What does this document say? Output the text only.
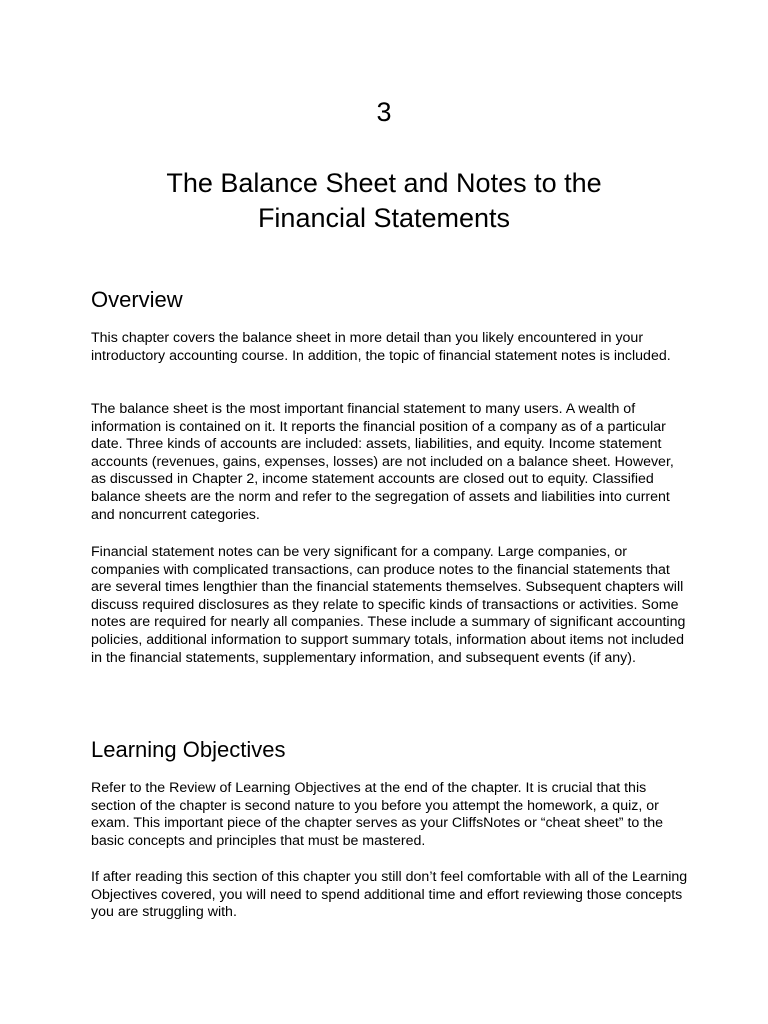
3
The Balance Sheet and Notes to the
Financial Statements
Overview

This chapter covers the balance sheet in more detail than you likely encountered in your introductory accounting course. In addition, the topic of financial statement notes is included.

The balance sheet is the most important financial statement to many users. A wealth of information is contained on it. It reports the financial position of a company as of a particular date. Three kinds of accounts are included: assets, liabilities, and equity. Income statement accounts (revenues, gains, expenses, losses) are not included on a balance sheet. However, as discussed in Chapter 2, income statement accounts are closed out to equity. Classified balance sheets are the norm and refer to the segregation of assets and liabilities into current and noncurrent categories.

Financial statement notes can be very significant for a company. Large companies, or companies with complicated transactions, can produce notes to the financial statements that are several times lengthier than the financial statements themselves. Subsequent chapters will discuss required disclosures as they relate to specific kinds of transactions or activities. Some notes are required for nearly all companies. These include a summary of significant accounting policies, additional information to support summary totals, information about items not included in the financial statements, supplementary information, and subsequent events (if any).

Learning Objectives

Refer to the Review of Learning Objectives at the end of the chapter. It is crucial that this section of the chapter is second nature to you before you attempt the homework, a quiz, or exam. This important piece of the chapter serves as your CliffsNotes or “cheat sheet” to the basic concepts and principles that must be mastered.

If after reading this section of this chapter you still don’t feel comfortable with all of the Learning Objectives covered, you will need to spend additional time and effort reviewing those concepts you are struggling with.
